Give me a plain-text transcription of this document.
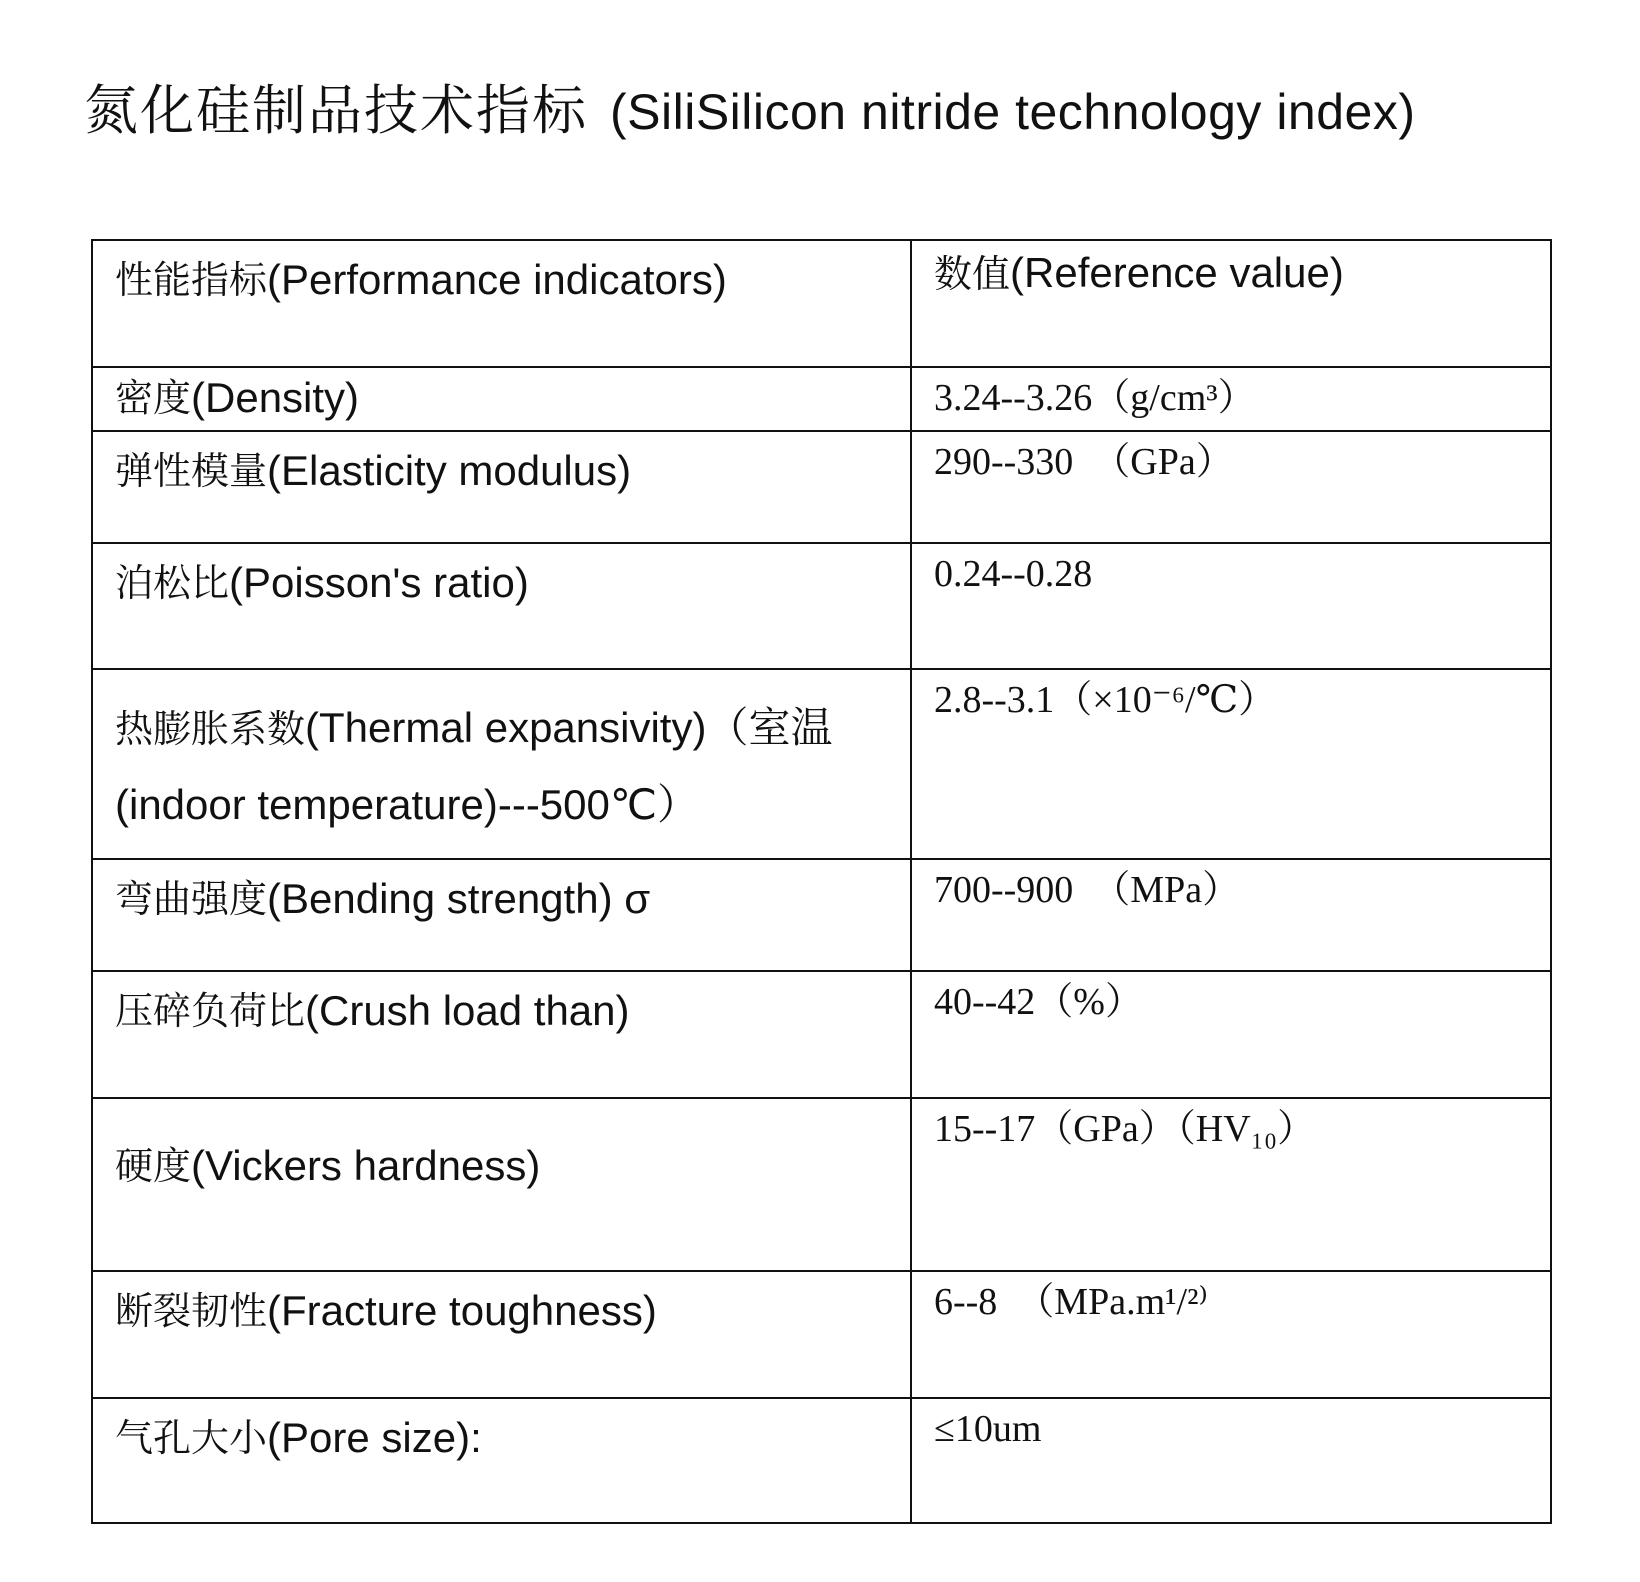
氮化硅制品技术指标 (SiliSilicon nitride technology index)
性能指标 (Performance indicators)	数值(Reference value)

密度 (Density)	3.24--3.26（g/cm³）

弹性模量 (Elasticity modulus)	290--330　（GPa）

泊松比 (Poisson's ratio)	0.24--0.28

热膨胀系数(Thermal expansivity)（室温(indoor temperature)---500℃）	2.8--3.1（×10⁻⁶/℃）

弯曲强度 (Bending strength) σ	700--900　（MPa）

压碎负荷比 (Crush load than)	40--42（%）

硬度 (Vickers hardness)	15--17（GPa）（HV₁₀）

断裂韧性 (Fracture toughness)	6--8　（MPa.m¹/²⁾

气孔大小 (Pore size):	≤10um
